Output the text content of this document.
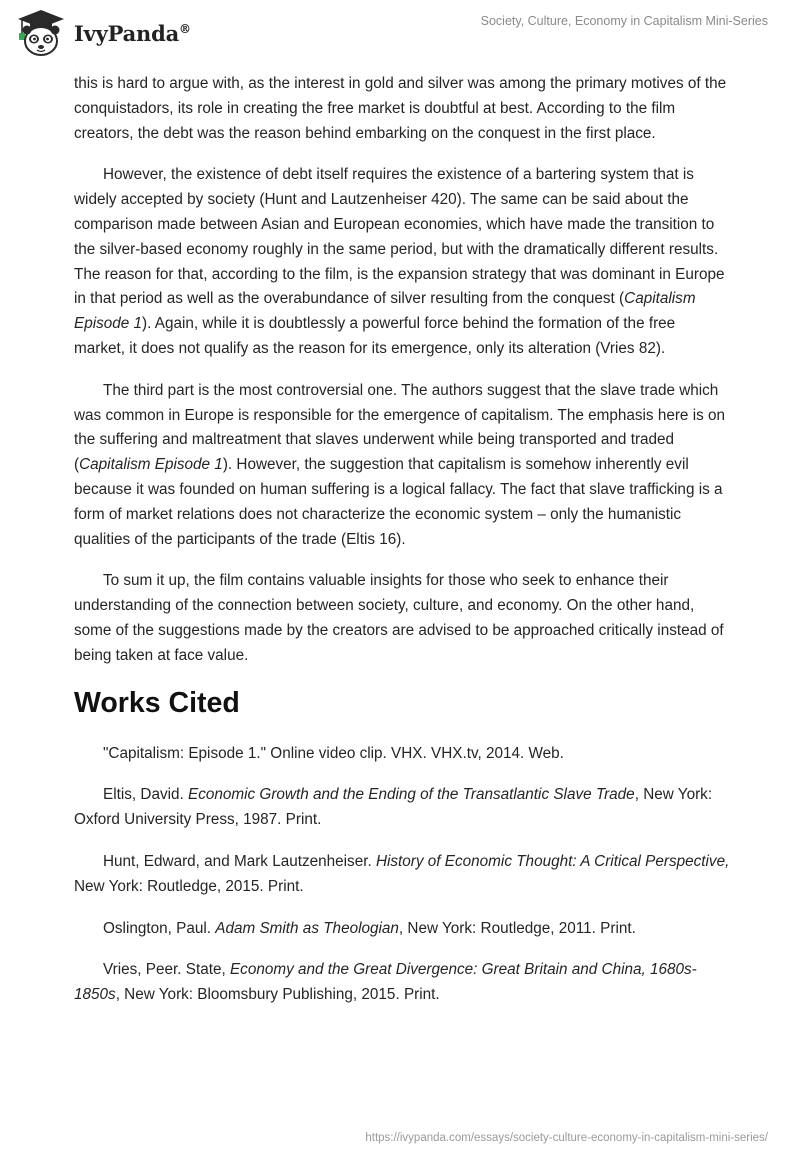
IvyPanda®
Society, Culture, Economy in Capitalism Mini-Series

this is hard to argue with, as the interest in gold and silver was among the primary motives of the conquistadors, its role in creating the free market is doubtful at best. According to the film creators, the debt was the reason behind embarking on the conquest in the first place.

However, the existence of debt itself requires the existence of a bartering system that is widely accepted by society (Hunt and Lautzenheiser 420). The same can be said about the comparison made between Asian and European economies, which have made the transition to the silver-based economy roughly in the same period, but with the dramatically different results. The reason for that, according to the film, is the expansion strategy that was dominant in Europe in that period as well as the overabundance of silver resulting from the conquest (Capitalism Episode 1). Again, while it is doubtlessly a powerful force behind the formation of the free market, it does not qualify as the reason for its emergence, only its alteration (Vries 82).

The third part is the most controversial one. The authors suggest that the slave trade which was common in Europe is responsible for the emergence of capitalism. The emphasis here is on the suffering and maltreatment that slaves underwent while being transported and traded (Capitalism Episode 1). However, the suggestion that capitalism is somehow inherently evil because it was founded on human suffering is a logical fallacy. The fact that slave trafficking is a form of market relations does not characterize the economic system – only the humanistic qualities of the participants of the trade (Eltis 16).

To sum it up, the film contains valuable insights for those who seek to enhance their understanding of the connection between society, culture, and economy. On the other hand, some of the suggestions made by the creators are advised to be approached critically instead of being taken at face value.

Works Cited

"Capitalism: Episode 1." Online video clip. VHX. VHX.tv, 2014. Web.

Eltis, David. Economic Growth and the Ending of the Transatlantic Slave Trade, New York: Oxford University Press, 1987. Print.

Hunt, Edward, and Mark Lautzenheiser. History of Economic Thought: A Critical Perspective, New York: Routledge, 2015. Print.

Oslington, Paul. Adam Smith as Theologian, New York: Routledge, 2011. Print.

Vries, Peer. State, Economy and the Great Divergence: Great Britain and China, 1680s-1850s, New York: Bloomsbury Publishing, 2015. Print.

https://ivypanda.com/essays/society-culture-economy-in-capitalism-mini-series/
